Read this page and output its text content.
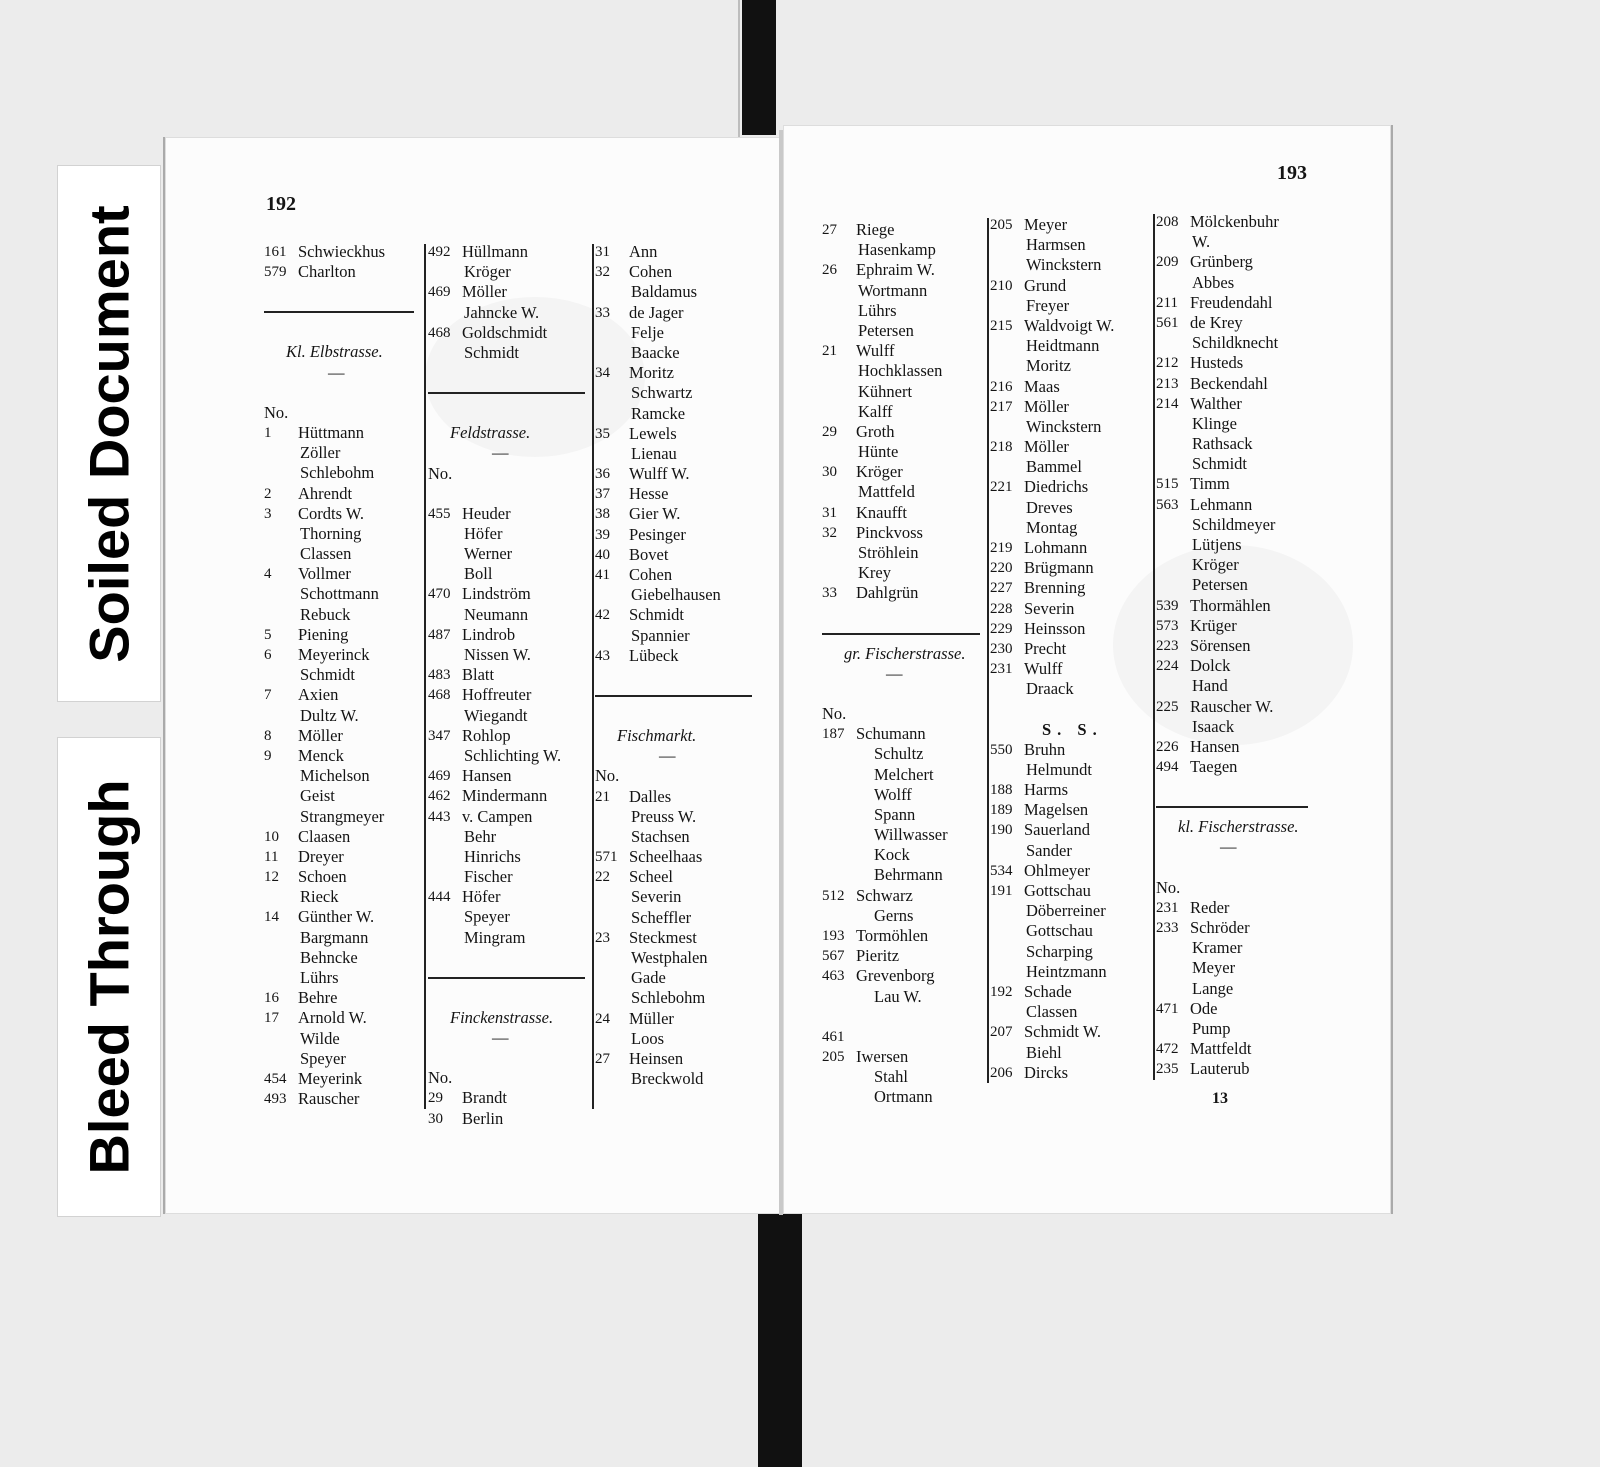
Soiled Document
Bleed Through
192
193
161 Schwieckhus
579 Charlton
Kl. Elbstrasse.
—
No.
1	Hüttmann
Zöller
Schlebohm
2	Ahrendt
3	Cordts W.
Thorning
Classen
4	Vollmer
Schottmann
Rebuck
5	Piening
6	Meyerinck
Schmidt
7	Axien
Dultz W.
8	Möller
9	Menck
Michelson
Geist
Strangmeyer
10	Claasen
11	Dreyer
12	Schoen
Rieck
14	Günther W.
Bargmann
Behncke
Lührs
16	Behre
17	Arnold W.
Wilde
Speyer
454 Meyerink
493 Rauscher
492 Hüllmann
Kröger
469 Möller
Jahncke W.
468 Goldschmidt
Schmidt
Feldstrasse.
—
No.
455 Heuder
Höfer
Werner
Boll
470 Lindström
Neumann
487 Lindrob
Nissen W.
483 Blatt
468 Hoffreuter
Wiegandt
347 Rohlop
Schlichting W.
469 Hansen
462 Mindermann
443 v. Campen
Behr
Hinrichs
Fischer
444 Höfer
Speyer
Mingram
Finckenstrasse.
—
No.
29	Brandt
30	Berlin
31	Ann
32	Cohen
Baldamus
33	de Jager
Felje
Baacke
34	Moritz
Schwartz
Ramcke
35	Lewels
Lienau
36	Wulff W.
37	Hesse
38	Gier W.
39	Pesinger
40	Bovet
41	Cohen
Giebelhausen
42	Schmidt
Spannier
43	Lübeck
Fischmarkt.
—
No.
21	Dalles
Preuss W.
Stachsen
571 Scheelhaas
22	Scheel
Severin
Scheffler
23	Steckmest
Westphalen
Gade
Schlebohm
24	Müller
Loos
27	Heinsen
Breckwold
27	Riege
Hasenkamp
26	Ephraim W.
Wortmann
Lührs
Petersen
21	Wulff
Hochklassen
Kühnert
Kalff
29	Groth
Hünte
30	Kröger
Mattfeld
31	Knaufft
32	Pinckvoss
Ströhlein
Krey
33	Dahlgrün
gr. Fischerstrasse.
—
No.
187 Schumann
Schultz
Melchert
Wolff
Spann
Willwasser
Kock
Behrmann
512 Schwarz
Gerns
193 Tormöhlen
567 Pieritz
463 Grevenborg
Lau W.
461
205 Iwersen
Stahl
Ortmann
205 Meyer
Harmsen
Winckstern
210 Grund
Freyer
215 Waldvoigt W.
Heidtmann
Moritz
216 Maas
217 Möller
Winckstern
218 Möller
Bammel
221 Diedrichs
Dreves
Montag
219 Lohmann
220 Brügmann
227 Brenning
228 Severin
229 Heinsson
230 Precht
231 Wulff
Draack
S. S.
550 Bruhn
Helmundt
188 Harms
189 Magelsen
190 Sauerland
Sander
534 Ohlmeyer
191 Gottschau
Döberreiner
Gottschau
Scharping
Heintzmann
192 Schade
Classen
207 Schmidt W.
Biehl
206 Dircks
208 Mölckenbuhr
W.
209 Grünberg
Abbes
211 Freudendahl
561 de Krey
Schildknecht
212 Husteds
213 Beckendahl
214 Walther
Klinge
Rathsack
Schmidt
515 Timm
563 Lehmann
Schildmeyer
Lütjens
Kröger
Petersen
539 Thormählen
573 Krüger
223 Sörensen
224 Dolck
Hand
225 Rauscher W.
Isaack
226 Hansen
494 Taegen
kl. Fischerstrasse.
—
No.
231 Reder
233 Schröder
Kramer
Meyer
Lange
471 Ode
Pump
472 Mattfeldt
235 Lauterub
13
